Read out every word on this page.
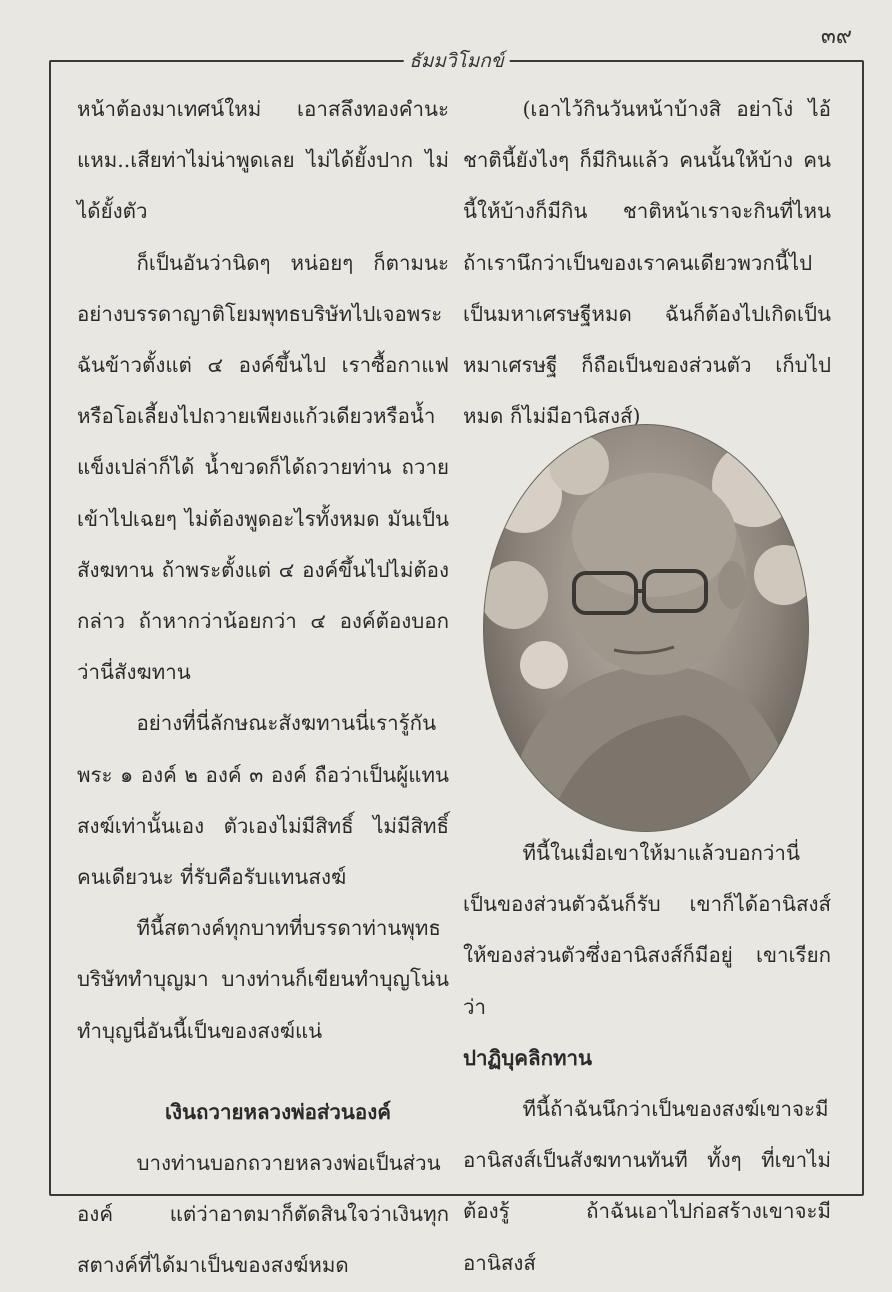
๓๙
ธัมมวิโมกข์

หน้าต้องมาเทศน์ใหม่ เอาสลึงทองคำนะ แหม..เสียท่าไม่น่าพูดเลย ไม่ได้ยั้งปาก ไม่ได้ยั้งตัว

ก็เป็นอันว่านิดๆ หน่อยๆ ก็ตามนะ อย่างบรรดาญาติโยมพุทธบริษัทไปเจอพระฉันข้าวตั้งแต่ ๔ องค์ขึ้นไป เราซื้อกาแฟหรือโอเลี้ยงไปถวายเพียงแก้วเดียวหรือน้ำแข็งเปล่าก็ได้ น้ำขวดก็ได้ถวายท่าน ถวายเข้าไปเฉยๆ ไม่ต้องพูดอะไรทั้งหมด มันเป็นสังฆทาน ถ้าพระตั้งแต่ ๔ องค์ขึ้นไปไม่ต้องกล่าว ถ้าหากว่าน้อยกว่า ๔ องค์ต้องบอกว่านี่สังฆทาน

อย่างที่นี่ลักษณะสังฆทานนี่เรารู้กัน พระ ๑ องค์ ๒ องค์ ๓ องค์ ถือว่าเป็นผู้แทนสงฆ์เท่านั้นเอง ตัวเองไม่มีสิทธิ์ ไม่มีสิทธิ์คนเดียวนะ ที่รับคือรับแทนสงฆ์

ทีนี้สตางค์ทุกบาทที่บรรดาท่านพุทธบริษัททำบุญมา บางท่านก็เขียนทำบุญโน่นทำบุญนี่อันนี้เป็นของสงฆ์แน่

เงินถวายหลวงพ่อส่วนองค์

บางท่านบอกถวายหลวงพ่อเป็นส่วนองค์ แต่ว่าอาตมาก็ตัดสินใจว่าเงินทุกสตางค์ที่ได้มาเป็นของสงฆ์หมด

(เอาไว้กินวันหน้าบ้างสิ อย่าโง่ ไอ้ชาตินี้ยังไงๆ ก็มีกินแล้ว คนนั้นให้บ้าง คนนี้ให้บ้างก็มีกิน ชาติหน้าเราจะกินที่ไหน ถ้าเรานึกว่าเป็นของเราคนเดียวพวกนี้ไปเป็นมหาเศรษฐีหมด ฉันก็ต้องไปเกิดเป็นหมาเศรษฐี ก็ถือเป็นของส่วนตัว เก็บไปหมด ก็ไม่มีอานิสงส์)

ทีนี้ในเมื่อเขาให้มาแล้วบอกว่านี่เป็นของส่วนตัวฉันก็รับ เขาก็ได้อานิสงส์ให้ของส่วนตัวซึ่งอานิสงส์ก็มีอยู่ เขาเรียกว่า
ปาฏิบุคลิกทาน

ทีนี้ถ้าฉันนึกว่าเป็นของสงฆ์เขาจะมีอานิสงส์เป็นสังฆทานทันที ทั้งๆ ที่เขาไม่ต้องรู้ ถ้าฉันเอาไปก่อสร้างเขาจะมีอานิสงส์
